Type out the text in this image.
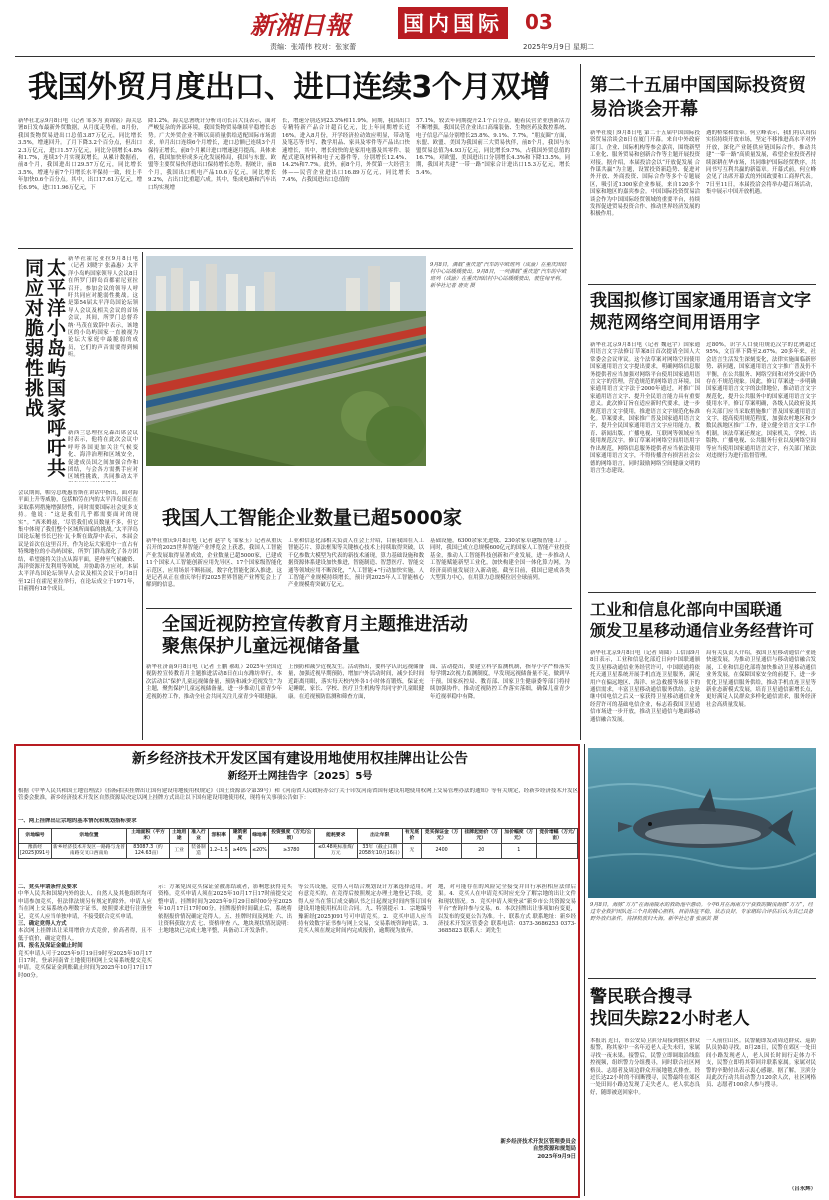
新湘日報	国内国际 03
责编：张靖伟 校对：张家蕾	2025年9月9日 星期二
我国外贸月度出口、进口连续3个月双增
新华社北京9月8日电（记者 邹多为 黄锦铭）海关总署8日发布最新外贸数据，从月度走势看，8月份，我国货物贸易进出口总值3.87万亿元，同比增长3.5%，增速回升。了月下降3.2个百分点，但出口2.3万亿元，进口1.57万亿元，同比分别增长4.8%和1.7%，连续3个月实现双增长。从累计数据看，前8个月，我国进出口29.57万亿元，同比增长3.5%，增速与前7个月增长水平保持一致，较上半年加快0.6个百分点。其中，出口17.61万亿元，增长6.9%，进口11.96万亿元，下
降1.2%。海关总署统计分析司司长吕大良表示，面对严峻复杂的外部环境，我国货物贸易继续平稳增长态势。广大外贸企业不断以高质量供给适配国际市场需求，单月出口连续6个月增长，进口总额已连续3个月保持正增长，前8个月累计进口增速逐月提高。具体来看，我国加快形成多元化发展格局，我国与东盟、欧盟等主要贸易伙伴进出口保持增长态势。据统计，前8个月，我国出口机电产品10.6万亿元，同比增长9.2%，占出口比重超六成。其中，集成电路和汽车出口均实现增
长，增速分别达到23.3%和11.9%。同期，我国出口专精特新产品合计超百亿元，比上年同期增长近16%。进入8月份，开学经济拉动效应明显，带动笔及笔芯等书写、教学用品、家具及零件等产品出口快速增长，其中，增长较快的是家用电器及其零件、装配式建筑材料和电子元器件等，分别增长12.4%、14.2%和7.7%。此外，前8个月，外贸第一大经营主体——民营企业进出口16.89万亿元，同比增长7.4%，占我国进出口总值的
57.1%，较去年同期提升2.1个百分点。随着民营企业创新活力不断增强，我国民营企业出口高端装备、生物医药及数控系统、电子信息产品分别增长25.8%、9.1%、7.7%。“朋友圈”方面，东盟、欧盟、美国为我国前三大贸易伙伴，前8个月，我国与东盟贸易总值为4.93万亿元，同比增长9.7%，占我国外贸总值的16.7%。对欧盟、美国进出口分别增长4.3%和下降13.5%。同期，我国对共建“一带一路”国家合计进出口15.3万亿元，增长5.4%。
新华社霍尼亚拉9月8日电（记者 刘晓宇 张淼惠）太平洋小岛屿国家领导人会议8日在所罗门群岛首都霍尼亚拉召开。参加会议的领导人呼吁共同应对脆弱性挑战。这是第54届太平洋岛国论坛领导人会议及相关会议的首场会议，其间，所罗门总督乔纳·马茂在致辞中表示，该地区的小岛屿国家一直被视为论坛大家庭中最脆弱的成员，它们的声音需要得到倾听。
太平洋小岛屿国家呼吁共同应对脆弱性挑战
新西兰总理拉克森出席会议时表示，他将在此次会议中呼吁各国更加关注气候变化、海洋治理和区域安全，促进成员国之间加强合作和团结，与会各方需携手应对区域性挑战，共同推动太平
会议期间，帕劳总统惠普斯在讲话中指出，面对海平面上升等威胁，包括帕劳在内的太平洋岛国正在采取系列措施增强韧性，同时需要国际社会更多支持。他说：“这是我们几乎都需要面对的现实”。“西米姆兹，‘尽管我们成员数量不多，但它集中体现了我们整个区域所面临的挑战。’太平洋岛国论坛秘书长巴拉·瓦卡斯在致辞中表示，本届会议是首次在这里召开，作为论坛大家庭中一直占有特殊地位的小岛屿国家，所罗门群岛深化了各方团结，希望能将关注点从海平面，延伸至气候融资、海洋资源开发利用等领域，并协助各方应对。本届太平洋岛国论坛领导人会议及相关会议于9月8日至12日在霍尼亚拉举行，在论坛成立于1971年，目前拥有18个成员。
9月8日，满载“重庆造”汽车的中欧班列（成渝）在重庆团结村中心站缓缓驶出。9月8日，一列满载“重庆造”汽车的中欧班列（成渝）在重庆团结村中心站缓缓驶出，驶往匈牙利。新华社记者 唐奕 摄
我国人工智能企业数量已超5000家
新华社重庆9月8日电（记者 赵宇飞 邹家玉）记者从重庆召开的2025世界智能产业博览会上获悉，我国人工智能产业发展取得显著成效，企业数量已超5000家，已建成11个国家人工智能创新应用先导区、17个国家级智能化示范区，应用场景不断拓展，数字化智能化深入推进。这是记者从正在重庆举行的2025世界智能产业博览会上了解到的信息。
工业和信息化部相关负责人在会上介绍，目前我国在人工智能芯片、算法框架等关键核心技术上持续取得突破，以千亿参数大模型为代表的新技术涌现，算力基础设施和数据资源体系建设加快推进，智能制造、智慧医疗、智能交通等领域应用不断深化，“人工智能+”行动加快实施，人工智能产业规模持续增长，预计到2025年人工智能核心产业规模将突破万亿元。
基础设施，6300余家先进级、230余家卓越级智能工厂。同时，我国已成立总规模600亿元的国家人工智能产业投资基金，推动人工智能科技创新和产业发展，进一步推动人工智能赋能新型工业化，加快构建全国一体化算力网，为经济高质量发展注入新动能。截至目前，我国已建成各类大型算力中心，在用算力总规模位居全球前列。
全国近视防控宣传教育月主题推进活动
聚焦保护儿童远视储备量
新华社济南9月8日电（记者 王鹏 郝虹）2025年全国近视防控宣传教育月主题推进活动8日在山东潍坊举行，本次活动以“保护儿童远视储备量，预防和减少近视发生”为主题，聚焦保护儿童远视储备量，进一步推动儿童青少年近视防控工作，推动全社会共同关注儿童青少年眼健康。
上预防和减少近视发生。活动指出，要科学认识远视储备量，加强近视早期预防，增加户外活动时间，减少长时间近距离用眼，落实每天校内外各1小时体育锻炼，保证充足睡眠，家长、学校、医疗卫生机构等共同守护儿童眼健康。在近视预防监测和筛查方面，
面、活动提出，要建立科学监测机制，指导小学严格落实每学期2次视力监测制度，早发现远视储备量不足，做到早干预。国家疾控局、教育部、国家卫生健康委等部门将持续加强协作，推动近视防控工作落实落细，确保儿童青少年近视率稳中有降。
第二十五届中国国际投资贸易洽谈会开幕
新华社厦门9月8日电 第二十五届中国国际投资贸易洽谈会8日在厦门开幕。来自中外政府部门、企业、国际机构等参会嘉宾，围绕新型工业化、服务贸易和创新合作等主题开展投资对接。据介绍，本届投洽会以“开放促发展 合作谋共赢”为主题，设置投资新趋势、促进对外开放、外商投资、国际合作等多个专题展区，吸引近1300家企业参展，来自120多个国家和地区的嘉宾参会。中国国际投资贸易洽谈会作为中国国际经贸领域的重要平台，持续发挥促进贸易投资合作、推动世界经济发展的积极作用。
遇的桥梁和纽带。何立峰表示，我们将以真招实招持续开放市场，坚定不移推进高水平对外开放，深化产业链供应链国际合作，推动共建“一带一路”高质量发展，希望企业投资者持续深耕在华市场，共同维护国际经贸秩序，共同书写互利共赢的新篇章。开幕式前，何立峰会见了出席开幕式的外国政要和工商界代表。7日至11日，本届投洽会将举办超百场活动，集中展示中国开放机遇。
我国拟修订国家通用语言文字
规范网络空间用语用字
新华社北京9月8日电（记者 魏冠宇）国家通用语言文字法修订草案8日首次提请全国人大常委会会议审议。这个法草案对网络空间使用国家通用语言文字提出要求，明确网络信息服务提供者应当加强对网络平台使用国家通用语言文字的管理，营造规范的网络语言环境。国家通用语言文字法于2000年通过，对推广国家通用语言文字、提升全民语言能力具有重要意义。此次修订旨在适应新时代要求，进一步规范语言文字使用，推进语言文字规范化标准化。草案要求，国家推广普及国家通用语言文字，提升全民国家通用语言文字应用能力，教育、新闻出版、广播电视、互联网等领域应当使用规范汉字。修订草案对网络空间用语用字作出规范，网络信息服务提供者应当依法使用国家通用语言文字，不得传播含有损害社会公德的网络语言，同时鼓励网络空间健康文明的语言生态建设。
过80%，识字人口使用规范汉字的比例超过95%，文盲率下降至2.67%。20多年来，社会语言生活发生深刻变化，法律实施面临新形势、新问题，国家通用语言文字推广普及仍不平衡，在公共服务、网络空间和对外交流中仍存在不规范现象。因此，修订草案进一步明确国家通用语言文字的法律地位，推动语言文字规范化，提升公共服务中的国家通用语言文字使用水平。修订草案明确，各级人民政府及其有关部门应当采取措施推广普及国家通用语言文字，提高使用规范程度，加强农村地区和少数民族地区推广工作，建立健全语言文字工作机制。该法草案还规定，国家机关、学校、出版物、广播电视、公共服务行业以及网络空间等应当使用国家通用语言文字，有关部门依法对违规行为进行监督管理。
工业和信息化部向中国联通
颁发卫星移动通信业务经营许可
新华社北京9月8日电（记者 周圆）工信部9月8日表示，工业和信息化部近日向中国联通颁发卫星移动通信业务经营许可，中国联通将依托天通卫星系统开展手机直连卫星服务，满足用户在偏远地区、海洋、应急救援等场景下的通信需求，丰富卫星移动通信服务供给。这是继中国电信之后又一家获得卫星移动通信业务经营许可的基础电信企业，标志着我国卫星通信市场进一步开放，推动卫星通信与地面移动通信融合发展。
局有关负责人介绍，我国卫星移动通信产业链快速发展，为推动卫星通信与移动通信融合发展，工业和信息化部将加快推动卫星移动通信业务发展，在保障国家安全的前提下，进一步优化卫星通信服务供给，推动手机直连卫星等新业态新模式发展，培育卫星通信新增长点，更好满足人民群众多样化通信需求，服务经济社会高质量发展。
新乡经济技术开发区国有建设用地使用权挂牌出让公告
新经开土网挂告字〔2025〕5号
根据《中华人民共和国土地管理法》《招标拍卖挂牌出让国有建设用地使用权规定》（国土资源部令第39号）和《河南省人民政府办公厅关于印发河南省国有建设用地使用权网上交易管理办法的通知》等有关规定，经新乡经济技术开发区管委会批准，新乡经济技术开发区自然资源局决定以网上挂牌方式出让以下国有建设用地使用权，现将有关事项公告如下：
一、网上挂牌出让宗地的基本情况和规划指标要求
宗地编号	宗地位置	土地面积（平方米）	土地用途	准入行业	容积率	建筑密度	绿地率	投资强度（万元/公顷）	能耗要求	出让年限	有无底价	竞买保证金（万元）	挂牌起始价（万元）	加价幅度（万元）	竞价增幅（万元/亩）
豫新经[2025]091号	新乡经济技术开发区一路路与龙普南路交叉口西南角	83087.3（约124.63亩）	工业	装备制造	1.2─1.5	≥40%	≤20%	≥3780	≤0.48吨标准煤/万元	33年（截止日期2058年10月16日）	无	2400	20	1	
二、竞买申请条件及要求
中华人民共和国境内外的法人、自然人及其他组织均可申请参加竞买，但法律法规另有规定的除外。申请人应当在网上交易系统办理数字证书，按照要求进行注册登记，竞买人应当单独申请，不接受联合竞买申请。
三、确定竞得人方式
本次网上挂牌出让采用增价方式竞价，价高者得，且不低于底价，确定竞得人。
四、报名及保证金截止时间
竞买申请人可于2025年9月19日9时至2025年10月17日17时，登录河南省土地使用权网上交易系统提交竞买申请。竞买保证金到账截止时间为2025年10月17日17时00分。
示：方案免因竞买保证金被冻结或者，影响您获得竞买资格。竞买申请人须在2025年10月17日17时前提交完整申请。挂牌时间为2025年9月29日8时00分至2025年10月17日17时00分。挂牌报价时间截止后，系统将依据报价情况确定竞得人。五、挂牌时间及网址 六、出让资料获取方式 七、资格审查 八、地块现状情况说明：土地地块已完成土地平整，具备动工开发条件。
等公共设施，竞得人可结合规划设计方案选择适用。对有意竞买的，在竞得后按照规定办理土地登记手续，竞得人应当在签订成交确认书之日起规定时间内签订国有建设用地使用权出让合同。九、特别提示 1．宗地编号豫新经[2025]091号可申请竞买。2．竞买申请人应当持有效数字证书参与网上交易，交易系统咨询电话。3．竞买人须在规定时间内完成报价，逾期视为放弃。
地，对可能存在的风险完全接受并自行承担相应法律后果。4．竞买人在申请竞买时应充分了解宗地的出让文件和现状情况。5．竞买申请人须登录“新乡市公共资源交易平台”查询并参与交易。6．本次挂牌出让事项如有变更，以发布的变更公告为准。十、联系方式 联系地址：新乡经济技术开发区管委会 联系电话：0373-3686253 0373-3685823 联系人：刘先生
新乡经济技术开发区管理委员会
自然资源和规划局
2025年9月9日
9月8日，海豚“万万”在海南陵水的救助池中游动。今年6月在海南万宁获救的搁浅海豚“万万”，经过专业救护团队近三个月的精心照料，目前体征平稳，状态良好。专家组综合评估后认为其已具备野外放归条件，将择机放归大海。新华社记者 张丽芸 摄
警民联合搜寻
找回失踪22小时老人
本报讯 近日，市公安局卫滨分局接到辖区群众报警，称其家中一名年迈老人走失未归，家属寻找一夜未果。接警后，民警立即调取沿线监控视频，组织警力分组搜寻，同时联合社区网格员、志愿者及周边群众开展地毯式排查。经过长达22小时的不间断搜寻，民警最终在郊区一处田间小路边发现了走失老人，老人状态良好，随即被送回家中。
一人前往山区。民警随即发动周边群众、巡防队员协助寻找。8月28日，民警在郊区一处田间小路发现老人，老人因长时间行走体力不支，民警立即将其带回并联系家属。家属对民警的辛勤付出表示衷心感谢。据了解，卫滨分局此次行动共出动警力120余人次，社区网格员、志愿者100余人参与搜寻。
（吕永辉）
